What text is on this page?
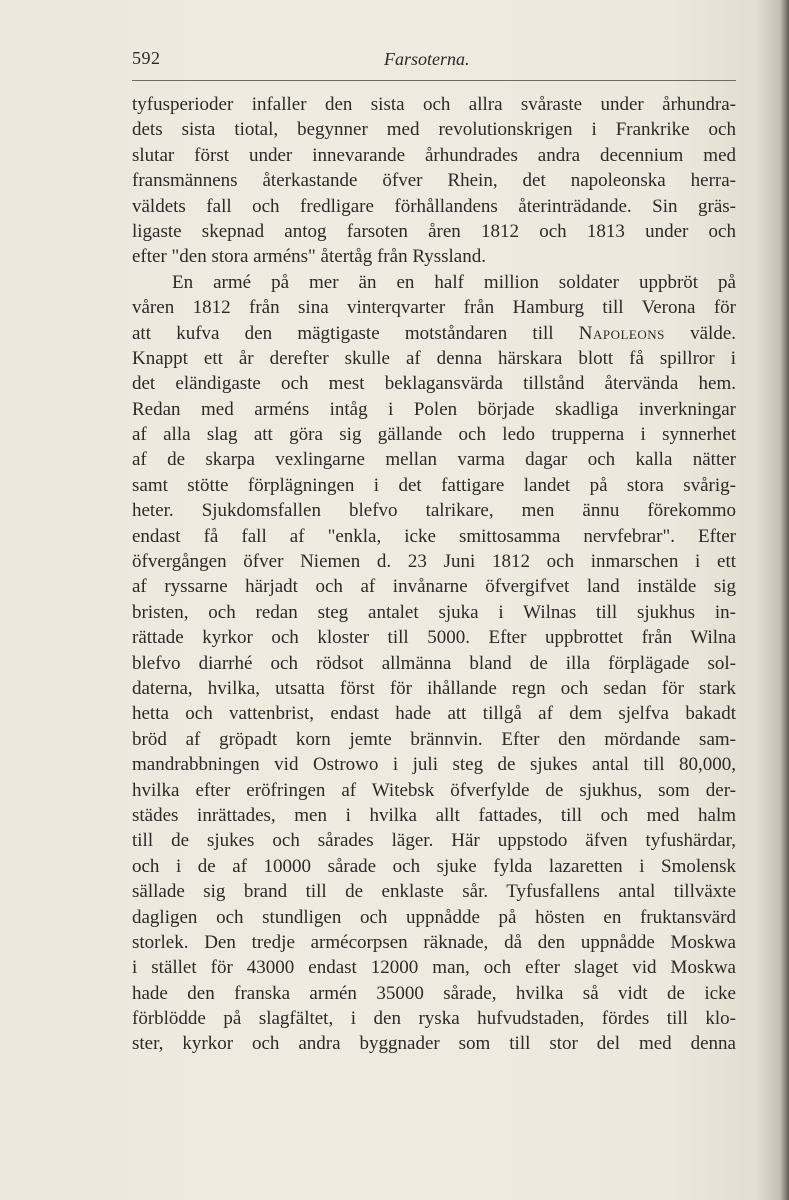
592	Farsoterna.
tyfusperioder infaller den sista och allra svåraste under århundra-
dets sista tiotal, begynner med revolutionskrigen i Frankrike och
slutar först under innevarande århundrades andra decennium med
fransmännens återkastande öfver Rhein, det napoleonska herra-
väldets fall och fredligare förhållandens återinträdande. Sin gräs-
ligaste skepnad antog farsoten åren 1812 och 1813 under och
efter "den stora arméns" återtåg från Ryssland.
En armé på mer än en half million soldater uppbröt på
våren 1812 från sina vinterqvarter från Hamburg till Verona för
att kufva den mägtigaste motståndaren till Napoleons välde.
Knappt ett år derefter skulle af denna härskara blott få spillror i
det eländigaste och mest beklagansvärda tillstånd återvända hem.
Redan med arméns intåg i Polen började skadliga inverkningar
af alla slag att göra sig gällande och ledo trupperna i synnerhet
af de skarpa vexlingarne mellan varma dagar och kalla nätter
samt stötte förplägningen i det fattigare landet på stora svårig-
heter. Sjukdomsfallen blefvo talrikare, men ännu förekommo
endast få fall af "enkla, icke smittosamma nervfebrar". Efter
öfvergången öfver Niemen d. 23 Juni 1812 och inmarschen i ett
af ryssarne härjadt och af invånarne öfvergifvet land instälde sig
bristen, och redan steg antalet sjuka i Wilnas till sjukhus in-
rättade kyrkor och kloster till 5000. Efter uppbrottet från Wilna
blefvo diarrhé och rödsot allmänna bland de illa förplägade sol-
daterna, hvilka, utsatta först för ihållande regn och sedan för stark
hetta och vattenbrist, endast hade att tillgå af dem sjelfva bakadt
bröd af gröpadt korn jemte brännvin. Efter den mördande sam-
mandrabbningen vid Ostrowo i juli steg de sjukes antal till 80,000,
hvilka efter eröfringen af Witebsk öfverfylde de sjukhus, som der-
städes inrättades, men i hvilka allt fattades, till och med halm
till de sjukes och sårades läger. Här uppstodo äfven tyfushärdar,
och i de af 10000 sårade och sjuke fylda lazaretten i Smolensk
sällade sig brand till de enklaste sår. Tyfusfallens antal tillväxte
dagligen och stundligen och uppnådde på hösten en fruktansvärd
storlek. Den tredje armécorpsen räknade, då den uppnådde Moskwa
i stället för 43000 endast 12000 man, och efter slaget vid Moskwa
hade den franska armén 35000 sårade, hvilka så vidt de icke
förblödde på slagfältet, i den ryska hufvudstaden, fördes till klo-
ster, kyrkor och andra byggnader som till stor del med denna
